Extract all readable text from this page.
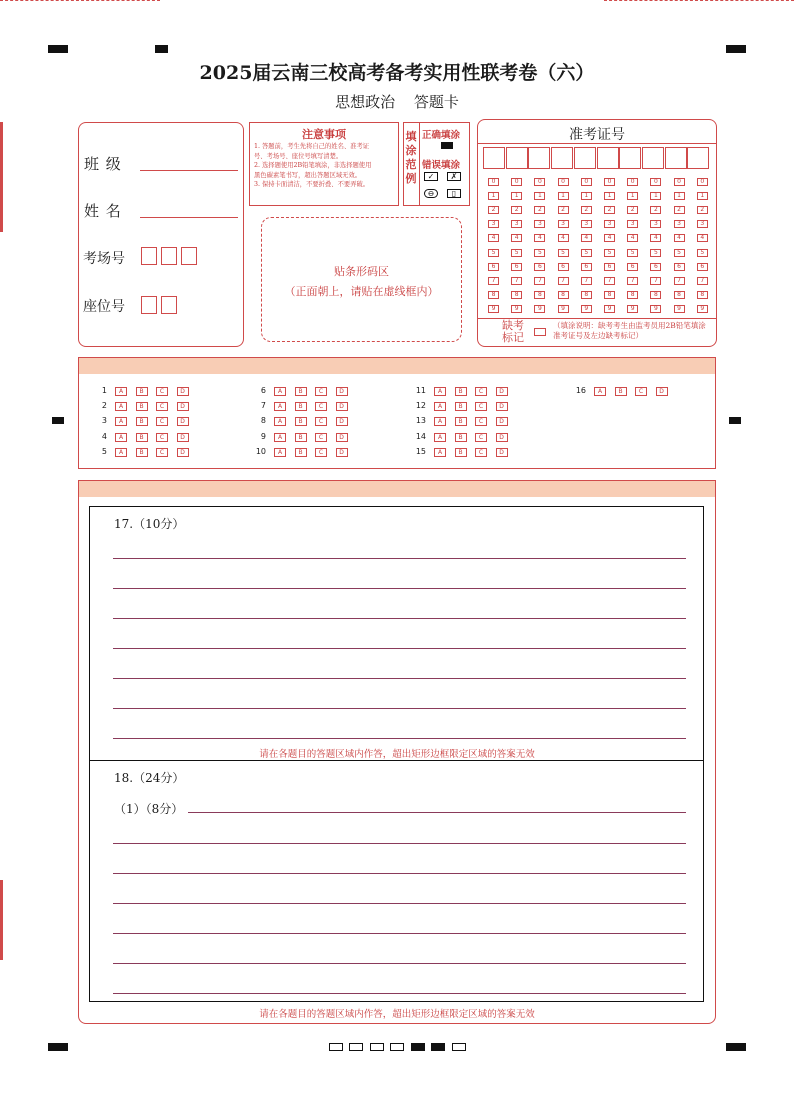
2025届云南三校高考备考实用性联考卷（六）
思想政治 答题卡
班 级
姓 名
考场号
座位号
注意事项
1. 答题前，考生先将自己的姓名、准考证
号、考场号、座位号填写清楚。
2. 选择题使用2B铅笔填涂，非选择题使用
黑色碳素笔书写，超出答题区域无效。
3. 保持卡面清洁，不要折叠、不要弄破。
填涂范例
正确填涂
错误填涂
✓	✗
⊖	▯
贴条形码区
（正面朝上，请贴在虚线框内）
准考证号
0	0	0	0	0	0	0	0	0	0
1	1	1	1	1	1	1	1	1	1
2	2	2	2	2	2	2	2	2	2
3	3	3	3	3	3	3	3	3	3
4	4	4	4	4	4	4	4	4	4
5	5	5	5	5	5	5	5	5	5
6	6	6	6	6	6	6	6	6	6
7	7	7	7	7	7	7	7	7	7
8	8	8	8	8	8	8	8	8	8
9	9	9	9	9	9	9	9	9	9
缺考标记
（填涂说明：缺考考生由监考员用2B铅笔填涂准考证号及左边缺考标记）
1	A	B	C	D
2	A	B	C	D
3	A	B	C	D
4	A	B	C	D
5	A	B	C	D
6	A	B	C	D
7	A	B	C	D
8	A	B	C	D
9	A	B	C	D
10	A	B	C	D
11	A	B	C	D
12	A	B	C	D
13	A	B	C	D
14	A	B	C	D
15	A	B	C	D
16	A	B	C	D
17.（10分）
请在各题目的答题区域内作答，超出矩形边框限定区域的答案无效
18.（24分）
（1）（8分）
请在各题目的答题区域内作答，超出矩形边框限定区域的答案无效
